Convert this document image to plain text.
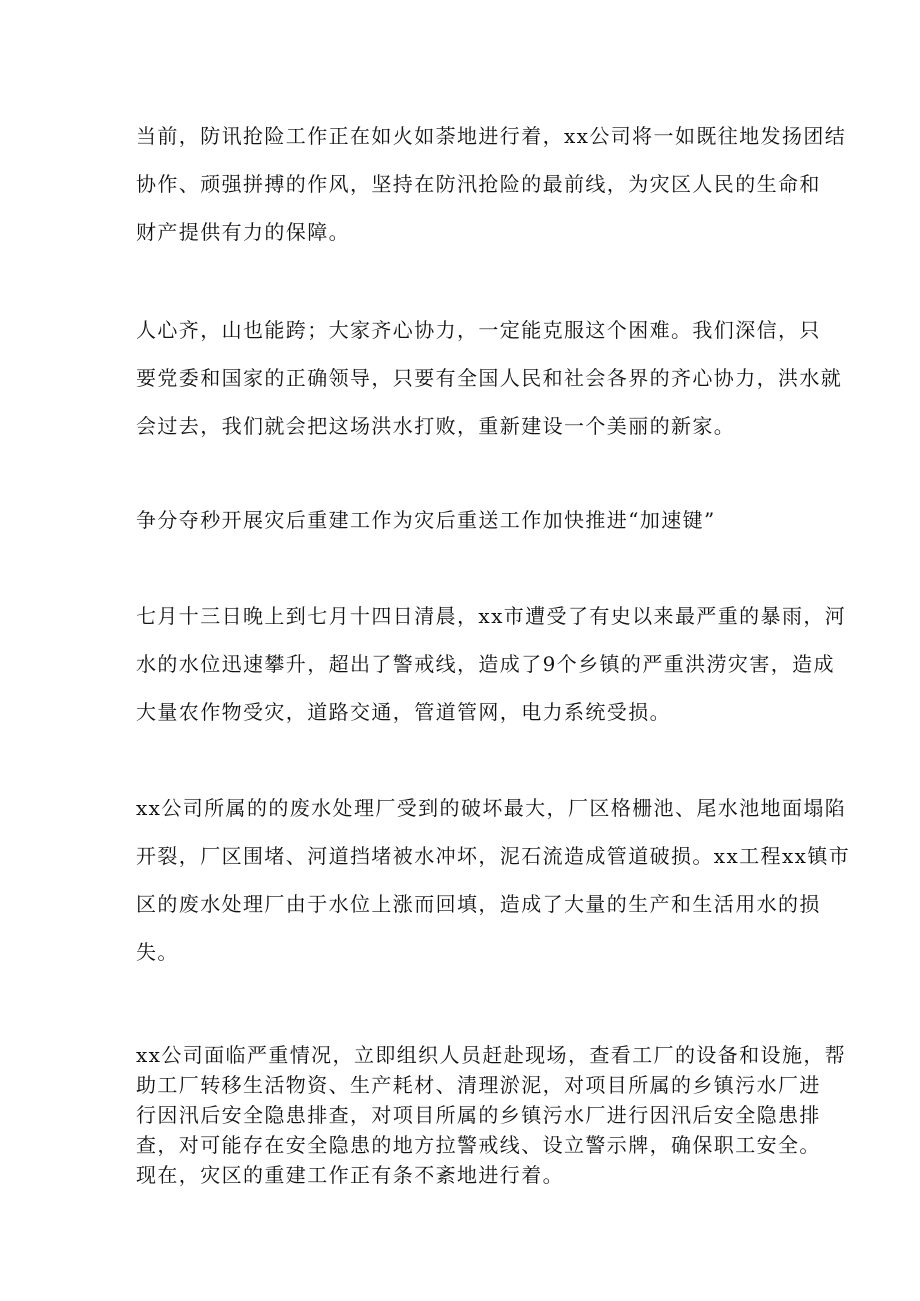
当前，防讯抢险工作正在如火如荼地进行着，xx公司将一如既往地发扬团结
协作、顽强拼搏的作风，坚持在防汛抢险的最前线，为灾区人民的生命和
财产提供有力的保障。
人心齐，山也能跨；大家齐心协力，一定能克服这个困难。我们深信，只
要党委和国家的正确领导，只要有全国人民和社会各界的齐心协力，洪水就
会过去，我们就会把这场洪水打败，重新建设一个美丽的新家。
争分夺秒开展灾后重建工作为灾后重送工作加快推进“加速键”
七月十三日晚上到七月十四日清晨，xx市遭受了有史以来最严重的暴雨，河
水的水位迅速攀升，超出了警戒线，造成了9个乡镇的严重洪涝灾害，造成
大量农作物受灾，道路交通，管道管网，电力系统受损。
xx公司所属的的废水处理厂受到的破坏最大，厂区格栅池、尾水池地面塌陷
开裂，厂区围堵、河道挡堵被水冲坏，泥石流造成管道破损。xx工程xx镇市
区的废水处理厂由于水位上涨而回填，造成了大量的生产和生活用水的损
失。
xx公司面临严重情况，立即组织人员赶赴现场，查看工厂的设备和设施，帮
助工厂转移生活物资、生产耗材、清理淤泥，对项目所属的乡镇污水厂进
行因汛后安全隐患排查，对项目所属的乡镇污水厂进行因汛后安全隐患排
查，对可能存在安全隐患的地方拉警戒线、设立警示牌，确保职工安全。
现在，灾区的重建工作正有条不紊地进行着。
